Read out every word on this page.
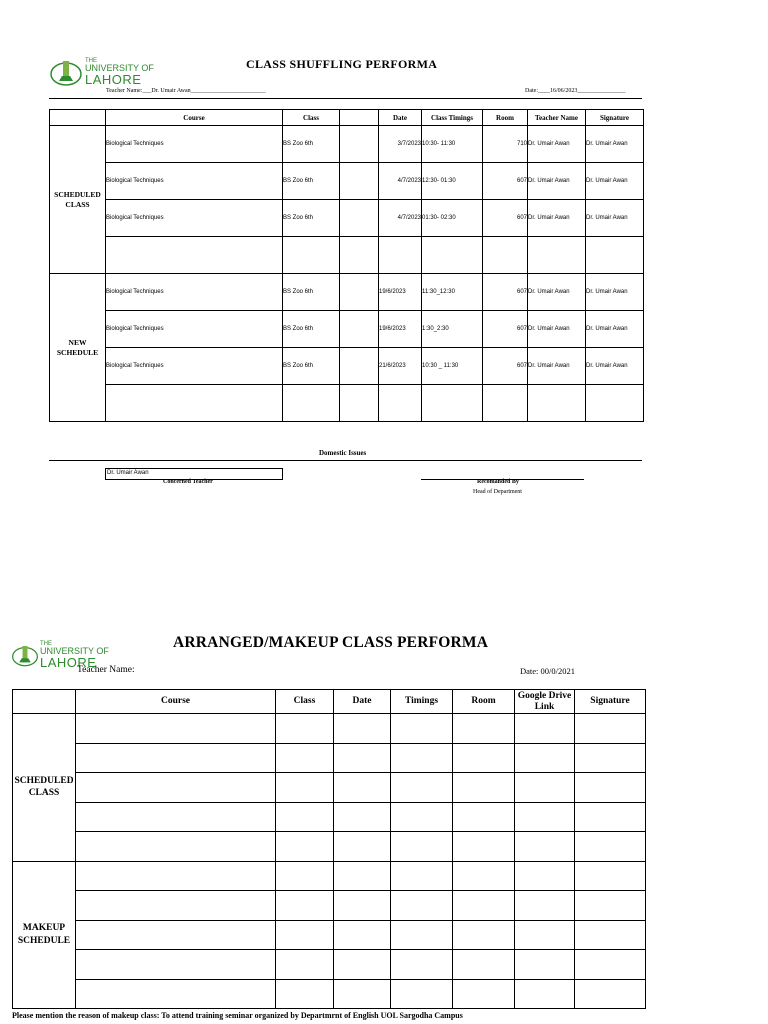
THE
UNIVERSITY OF
LAHORE
CLASS SHUFFLING PERFORMA
Teacher Name:___Dr. Umair Awan_________________________	Date:____16/06/2023________________
	Course	Class		Date	Class Timings	Room	Teacher Name	Signature
SCHEDULED CLASS	Biological Techniques	BS Zoo 6th		3/7/2023	10:30- 11:30	710	Dr. Umair Awan	Dr. Umair Awan
	Biological Techniques	BS Zoo 6th		4/7/2023	12:30- 01:30	607	Dr. Umair Awan	Dr. Umair Awan
	Biological Techniques	BS Zoo 6th		4/7/2023	01:30- 02:30	607	Dr. Umair Awan	Dr. Umair Awan

NEW SCHEDULE	Biological Techniques	BS Zoo 6th		19/6/2023	11:30_12:30	607	Dr. Umair Awan	Dr. Umair Awan
	Biological Techniques	BS Zoo 6th		19/6/2023	1:30_2:30	607	Dr. Umair Awan	Dr. Umair Awan
	Biological Techniques	BS Zoo 6th		21/6/2023	10:30 _ 11:30	607	Dr. Umair Awan	Dr. Umair Awan

Domestic Issues
Dr. Umair Awan
Concerned Teacher	Recomanded By
Head of Department
THE
UNIVERSITY OF
LAHORE
ARRANGED/MAKEUP CLASS PERFORMA
Teacher Name:	Date: 00/0/2021
	Course	Class	Date	Timings	Room	Google Drive Link	Signature
SCHEDULED CLASS							

MAKEUP SCHEDULE							

Please mention the reason of makeup class: To attend training seminar organized by Departmrnt of English UOL Sargodha Campus
